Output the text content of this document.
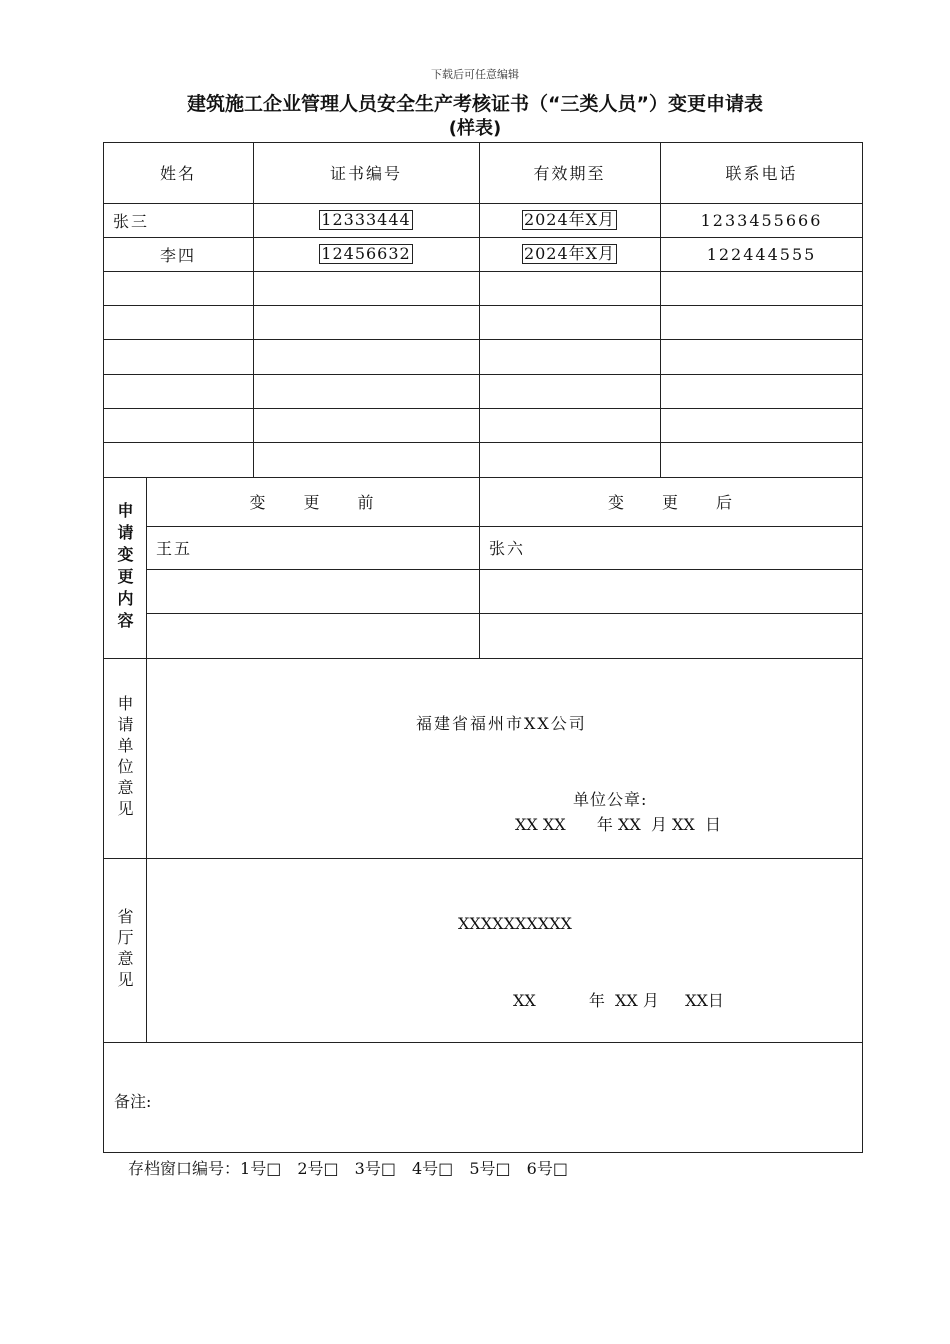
下载后可任意编辑
建筑施工企业管理人员安全生产考核证书（“三类人员”）变更申请表
(样表)
姓名	证书编号	有效期至	联系电话
张三	12333444	2024年X月	1233455666
李四	12456632	2024年X月	122444555
申请变更内容	变　　更　　前	变　　更　　后
王五	张六
申请单位意见	福建省福州市XX公司
单位公章:
XX XX 　  年 XX  月 XX  日
省厅意见	XXXXXXXXXX
XX 　　　年  XX 月  　XX日
备注:
存档窗口编号：1号□　 2号□　 3号□　 4号□　 5号□　 6号□
